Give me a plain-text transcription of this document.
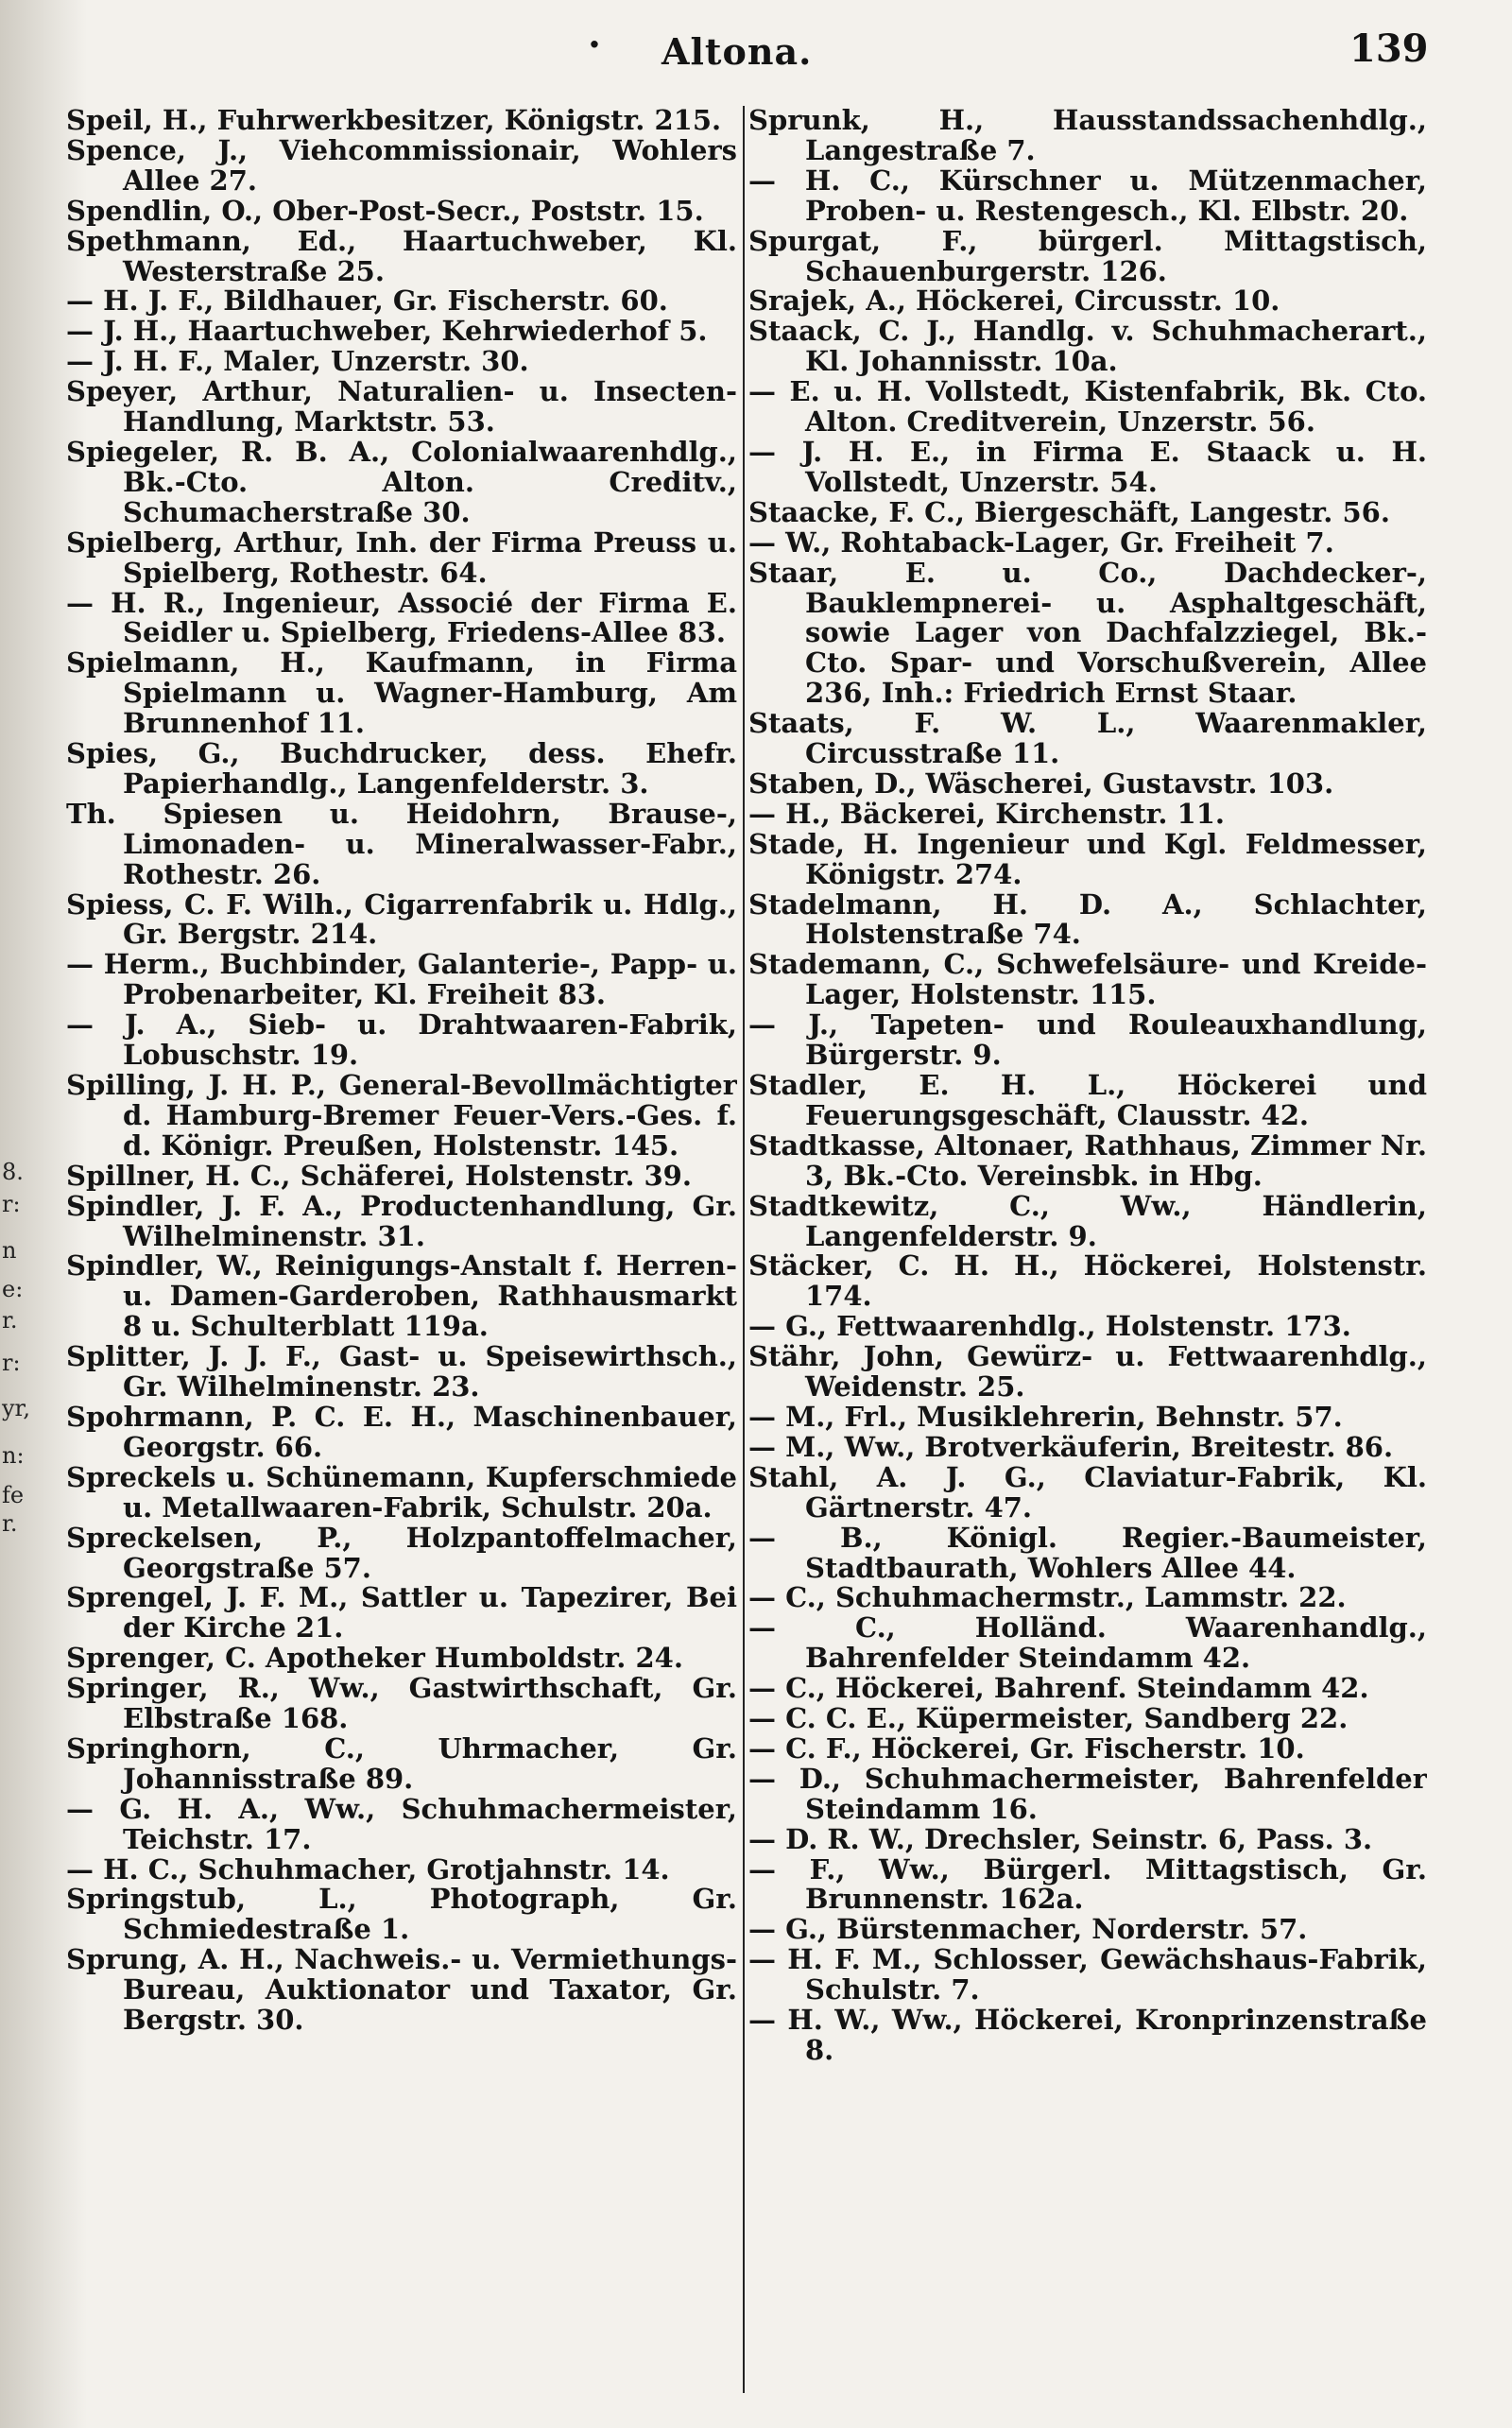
8.
r:
n
e:
r.
r:
yr,
n:
fe
r.
· Altona.	139

Speil, H., Fuhrwerkbesitzer, Königstr. 215.

Spence, J., Viehcommissionair, Wohlers Allee 27.

Spendlin, O., Ober-Post-Secr., Poststr. 15.

Spethmann, Ed., Haartuchweber, Kl. Westerstraße 25.

— H. J. F., Bildhauer, Gr. Fischerstr. 60.

— J. H., Haartuchweber, Kehrwiederhof 5.

— J. H. F., Maler, Unzerstr. 30.

Speyer, Arthur, Naturalien- u. Insecten-Handlung, Marktstr. 53.

Spiegeler, R. B. A., Colonialwaarenhdlg., Bk.-Cto. Alton. Creditv., Schumacherstraße 30.

Spielberg, Arthur, Inh. der Firma Preuss u. Spielberg, Rothestr. 64.

— H. R., Ingenieur, Associé der Firma E. Seidler u. Spielberg, Friedens-Allee 83.

Spielmann, H., Kaufmann, in Firma Spielmann u. Wagner-Hamburg, Am Brunnenhof 11.

Spies, G., Buchdrucker, dess. Ehefr. Papierhandlg., Langenfelderstr. 3.

Th. Spiesen u. Heidohrn, Brause-, Limonaden- u. Mineralwasser-Fabr., Rothestr. 26.

Spiess, C. F. Wilh., Cigarrenfabrik u. Hdlg., Gr. Bergstr. 214.

— Herm., Buchbinder, Galanterie-, Papp- u. Probenarbeiter, Kl. Freiheit 83.

— J. A., Sieb- u. Drahtwaaren-Fabrik, Lobuschstr. 19.

Spilling, J. H. P., General-Bevollmächtigter d. Hamburg-Bremer Feuer-Vers.-Ges. f. d. Königr. Preußen, Holstenstr. 145.

Spillner, H. C., Schäferei, Holstenstr. 39.

Spindler, J. F. A., Productenhandlung, Gr. Wilhelminenstr. 31.

Spindler, W., Reinigungs-Anstalt f. Herren- u. Damen-Garderoben, Rathhausmarkt 8 u. Schulterblatt 119a.

Splitter, J. J. F., Gast- u. Speisewirthsch., Gr. Wilhelminenstr. 23.

Spohrmann, P. C. E. H., Maschinenbauer, Georgstr. 66.

Spreckels u. Schünemann, Kupferschmiede u. Metallwaaren-Fabrik, Schulstr. 20a.

Spreckelsen, P., Holzpantoffelmacher, Georgstraße 57.

Sprengel, J. F. M., Sattler u. Tapezirer, Bei der Kirche 21.

Sprenger, C. Apotheker Humboldstr. 24.

Springer, R., Ww., Gastwirthschaft, Gr. Elbstraße 168.

Springhorn, C., Uhrmacher, Gr. Johannisstraße 89.

— G. H. A., Ww., Schuhmachermeister, Teichstr. 17.

— H. C., Schuhmacher, Grotjahnstr. 14.

Springstub, L., Photograph, Gr. Schmiedestraße 1.

Sprung, A. H., Nachweis.- u. Vermiethungs-Bureau, Auktionator und Taxator, Gr. Bergstr. 30.

Sprunk, H., Hausstandssachenhdlg., Langestraße 7.

— H. C., Kürschner u. Mützenmacher, Proben- u. Restengesch., Kl. Elbstr. 20.

Spurgat, F., bürgerl. Mittagstisch, Schauenburgerstr. 126.

Srajek, A., Höckerei, Circusstr. 10.

Staack, C. J., Handlg. v. Schuhmacherart., Kl. Johannisstr. 10a.

— E. u. H. Vollstedt, Kistenfabrik, Bk. Cto. Alton. Creditverein, Unzerstr. 56.

— J. H. E., in Firma E. Staack u. H. Vollstedt, Unzerstr. 54.

Staacke, F. C., Biergeschäft, Langestr. 56.

— W., Rohtaback-Lager, Gr. Freiheit 7.

Staar, E. u. Co., Dachdecker-, Bauklempnerei- u. Asphaltgeschäft, sowie Lager von Dachfalzziegel, Bk.-Cto. Spar- und Vorschußverein, Allee 236, Inh.: Friedrich Ernst Staar.

Staats, F. W. L., Waarenmakler, Circusstraße 11.

Staben, D., Wäscherei, Gustavstr. 103.

— H., Bäckerei, Kirchenstr. 11.

Stade, H. Ingenieur und Kgl. Feldmesser, Königstr. 274.

Stadelmann, H. D. A., Schlachter, Holstenstraße 74.

Stademann, C., Schwefelsäure- und Kreide-Lager, Holstenstr. 115.

— J., Tapeten- und Rouleauxhandlung, Bürgerstr. 9.

Stadler, E. H. L., Höckerei und Feuerungsgeschäft, Clausstr. 42.

Stadtkasse, Altonaer, Rathhaus, Zimmer Nr. 3, Bk.-Cto. Vereinsbk. in Hbg.

Stadtkewitz, C., Ww., Händlerin, Langenfelderstr. 9.

Stäcker, C. H. H., Höckerei, Holstenstr. 174.

— G., Fettwaarenhdlg., Holstenstr. 173.

Stähr, John, Gewürz- u. Fettwaarenhdlg., Weidenstr. 25.

— M., Frl., Musiklehrerin, Behnstr. 57.

— M., Ww., Brotverkäuferin, Breitestr. 86.

Stahl, A. J. G., Claviatur-Fabrik, Kl. Gärtnerstr. 47.

— B., Königl. Regier.-Baumeister, Stadtbaurath, Wohlers Allee 44.

— C., Schuhmachermstr., Lammstr. 22.

— C., Holländ. Waarenhandlg., Bahrenfelder Steindamm 42.

— C., Höckerei, Bahrenf. Steindamm 42.

— C. C. E., Küpermeister, Sandberg 22.

— C. F., Höckerei, Gr. Fischerstr. 10.

— D., Schuhmachermeister, Bahrenfelder Steindamm 16.

— D. R. W., Drechsler, Seinstr. 6, Pass. 3.

— F., Ww., Bürgerl. Mittagstisch, Gr. Brunnenstr. 162a.

— G., Bürstenmacher, Norderstr. 57.

— H. F. M., Schlosser, Gewächshaus-Fabrik, Schulstr. 7.

— H. W., Ww., Höckerei, Kronprinzenstraße 8.
